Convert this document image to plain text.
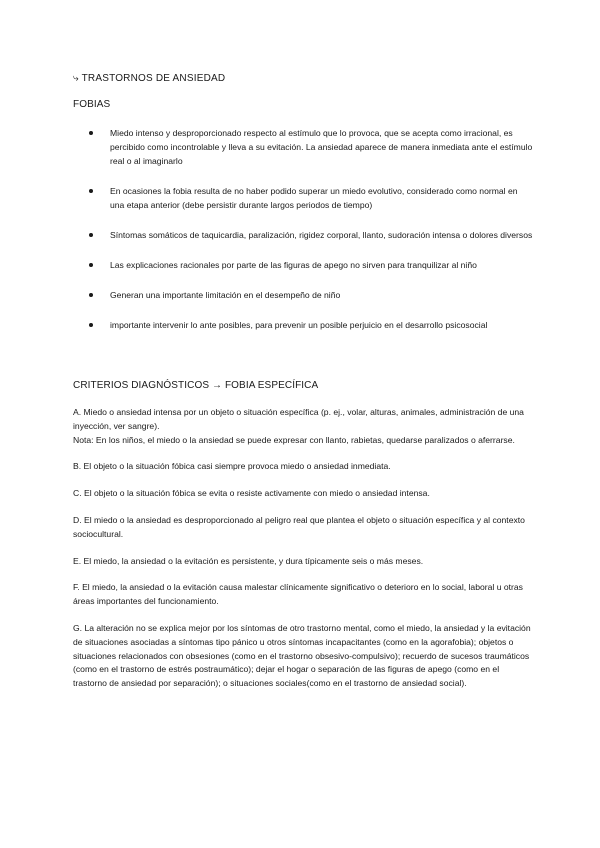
⤷ TRASTORNOS DE ANSIEDAD
FOBIAS
Miedo intenso y desproporcionado respecto al estímulo que lo provoca, que se acepta como irracional, es percibido como incontrolable y lleva a su evitación. La ansiedad aparece de manera inmediata ante el estímulo real o al imaginarlo
En ocasiones la fobia resulta de no haber podido superar un miedo evolutivo, considerado como normal en una etapa anterior (debe persistir durante largos periodos de tiempo)
Síntomas somáticos de taquicardia, paralización, rigidez corporal, llanto, sudoración intensa o dolores diversos
Las explicaciones racionales por parte de las figuras de apego no sirven para tranquilizar al niño
Generan una importante limitación en el desempeño de niño
importante intervenir lo ante posibles, para prevenir un posible perjuicio en el desarrollo psicosocial
CRITERIOS DIAGNÓSTICOS → FOBIA ESPECÍFICA

A. Miedo o ansiedad intensa por un objeto o situación específica (p. ej., volar, alturas, animales, administración de una inyección, ver sangre).
Nota: En los niños, el miedo o la ansiedad se puede expresar con llanto, rabietas, quedarse paralizados o aferrarse.

B. El objeto o la situación fóbica casi siempre provoca miedo o ansiedad inmediata.

C. El objeto o la situación fóbica se evita o resiste activamente con miedo o ansiedad intensa.

D. El miedo o la ansiedad es desproporcionado al peligro real que plantea el objeto o situación específica y al contexto sociocultural.

E. El miedo, la ansiedad o la evitación es persistente, y dura típicamente seis o más meses.

F. El miedo, la ansiedad o la evitación causa malestar clínicamente significativo o deterioro en lo social, laboral u otras áreas importantes del funcionamiento.

G. La alteración no se explica mejor por los síntomas de otro trastorno mental, como el miedo, la ansiedad y la evitación de situaciones asociadas a síntomas tipo pánico u otros síntomas incapacitantes (como en la agorafobia); objetos o situaciones relacionados con obsesiones (como en el trastorno obsesivo-compulsivo); recuerdo de sucesos traumáticos (como en el trastorno de estrés postraumático); dejar el hogar o separación de las figuras de apego (como en el trastorno de ansiedad por separación); o situaciones sociales(como en el trastorno de ansiedad social).
